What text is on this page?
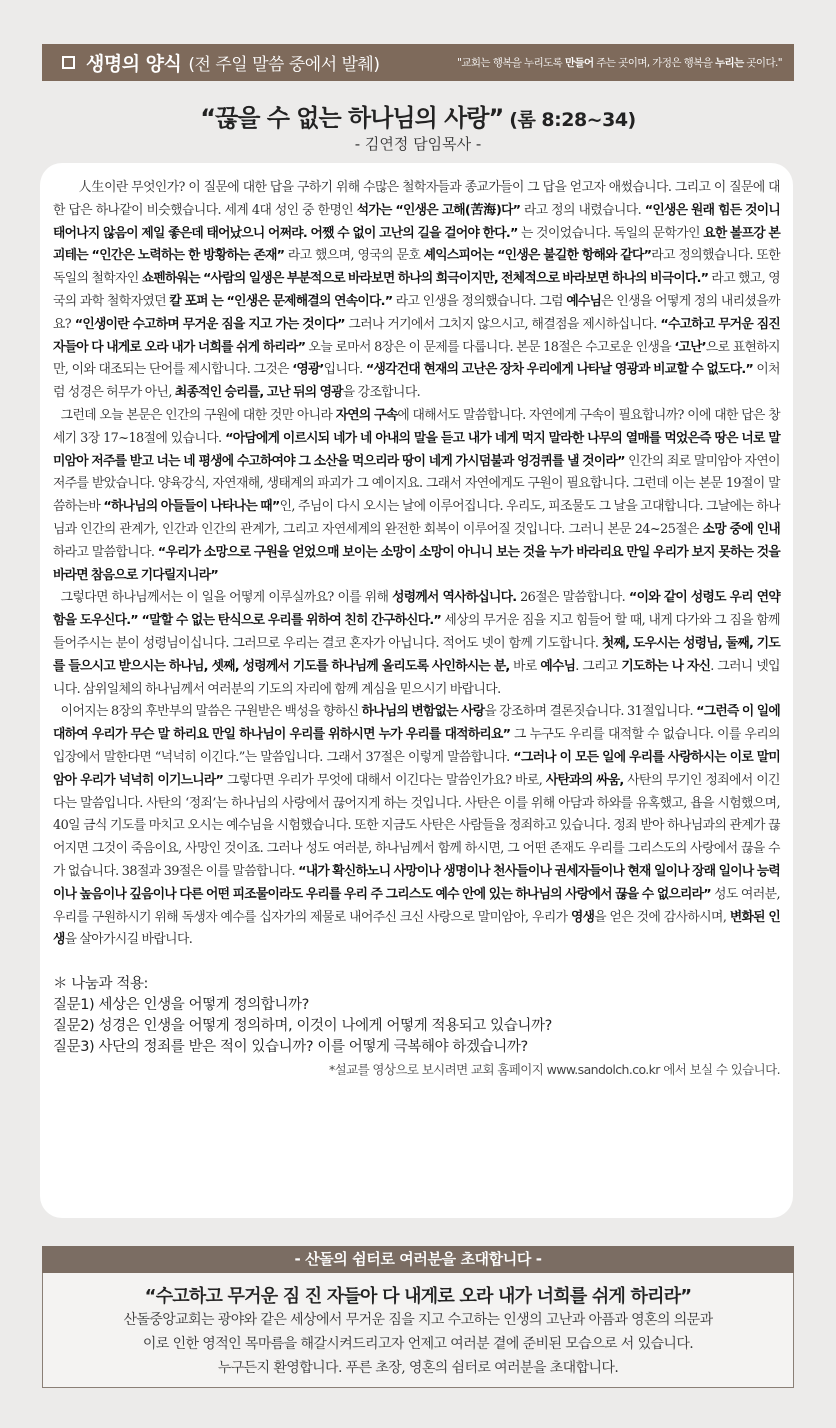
생명의 양식 (전 주일 말씀 중에서 발췌)	"교회는 행복을 누리도록 만들어 주는 곳이며, 가정은 행복을 누리는 곳이다."
“끊을 수 없는 하나님의 사랑” (롬 8:28~34)
- 김연정 담임목사 -

人生이란 무엇인가? 이 질문에 대한 답을 구하기 위해 수많은 철학자들과 종교가들이 그 답을 얻고자 애썼습니다. 그리고 이 질문에 대한 답은 하나같이 비슷했습니다. 세계 4대 성인 중 한명인 석가는 “인생은 고해(苦海)다” 라고 정의 내렸습니다. “인생은 원래 힘든 것이니 태어나지 않음이 제일 좋은데 태어났으니 어쩌랴. 어쨌 수 없이 고난의 길을 걸어야 한다.” 는 것이었습니다. 독일의 문학가인 요한 볼프강 본 괴테는 “인간은 노력하는 한 방황하는 존재” 라고 했으며, 영국의 문호 셰익스피어는 “인생은 불길한 항해와 같다”라고 정의했습니다. 또한 독일의 철학자인 쇼펜하워는 “사람의 일생은 부분적으로 바라보면 하나의 희극이지만, 전체적으로 바라보면 하나의 비극이다.” 라고 했고, 영국의 과학 철학자였던 칼 포퍼 는 “인생은 문제해결의 연속이다.” 라고 인생을 정의했습니다. 그럼 예수님은 인생을 어떻게 정의 내리셨을까요? “인생이란 수고하며 무거운 짐을 지고 가는 것이다” 그러나 거기에서 그치지 않으시고, 해결점을 제시하십니다. “수고하고 무거운 짐진 자들아 다 내게로 오라 내가 너희를 쉬게 하리라” 오늘 로마서 8장은 이 문제를 다룹니다. 본문 18절은 수고로운 인생을 ‘고난’으로 표현하지만, 이와 대조되는 단어를 제시합니다. 그것은 ‘영광’입니다. “생각건대 현재의 고난은 장차 우리에게 나타날 영광과 비교할 수 없도다.” 이처럼 성경은 허무가 아닌, 최종적인 승리를, 고난 뒤의 영광을 강조합니다.

그런데 오늘 본문은 인간의 구원에 대한 것만 아니라 자연의 구속에 대해서도 말씀합니다. 자연에게 구속이 필요합니까? 이에 대한 답은 창세기 3장 17~18절에 있습니다. “아담에게 이르시되 네가 네 아내의 말을 듣고 내가 네게 먹지 말라한 나무의 열매를 먹었은즉 땅은 너로 말미암아 저주를 받고 너는 네 평생에 수고하여야 그 소산을 먹으리라 땅이 네게 가시덤불과 엉겅퀴를 낼 것이라” 인간의 죄로 말미암아 자연이 저주를 받았습니다. 양육강식, 자연재해, 생태계의 파괴가 그 예이지요. 그래서 자연에게도 구원이 필요합니다. 그런데 이는 본문 19절이 말씀하는바 “하나님의 아들들이 나타나는 때”인, 주님이 다시 오시는 날에 이루어집니다. 우리도, 피조물도 그 날을 고대합니다. 그날에는 하나님과 인간의 관계가, 인간과 인간의 관계가, 그리고 자연세계의 완전한 회복이 이루어질 것입니다. 그러니 본문 24~25절은 소망 중에 인내하라고 말씀합니다. “우리가 소망으로 구원을 얻었으매 보이는 소망이 소망이 아니니 보는 것을 누가 바라리요 만일 우리가 보지 못하는 것을 바라면 참음으로 기다릴지니라”

그렇다면 하나님께서는 이 일을 어떻게 이루실까요? 이를 위해 성령께서 역사하십니다. 26절은 말씀합니다. “이와 같이 성령도 우리 연약함을 도우신다.” “말할 수 없는 탄식으로 우리를 위하여 친히 간구하신다.” 세상의 무거운 짐을 지고 힘들어 할 때, 내게 다가와 그 짐을 함께 들어주시는 분이 성령님이십니다. 그러므로 우리는 결코 혼자가 아닙니다. 적어도 넷이 함께 기도합니다. 첫째, 도우시는 성령님, 둘째, 기도를 들으시고 받으시는 하나님, 셋째, 성령께서 기도를 하나님께 올리도록 사인하시는 분, 바로 예수님. 그리고 기도하는 나 자신. 그러니 넷입니다. 삼위일체의 하나님께서 여러분의 기도의 자리에 함께 계심을 믿으시기 바랍니다.

이어지는 8장의 후반부의 말씀은 구원받은 백성을 향하신 하나님의 변함없는 사랑을 강조하며 결론짓습니다. 31절입니다. “그런즉 이 일에 대하여 우리가 무슨 말 하리요 만일 하나님이 우리를 위하시면 누가 우리를 대적하리요” 그 누구도 우리를 대적할 수 없습니다. 이를 우리의 입장에서 말한다면 “넉넉히 이긴다.”는 말씀입니다. 그래서 37절은 이렇게 말씀합니다. “그러나 이 모든 일에 우리를 사랑하시는 이로 말미암아 우리가 넉넉히 이기느니라” 그렇다면 우리가 무엇에 대해서 이긴다는 말씀인가요? 바로, 사탄과의 싸움, 사탄의 무기인 정죄에서 이긴다는 말씀입니다. 사탄의 ‘정죄’는 하나님의 사랑에서 끊어지게 하는 것입니다. 사탄은 이를 위해 아담과 하와를 유혹했고, 욥을 시험했으며, 40일 금식 기도를 마치고 오시는 예수님을 시험했습니다. 또한 지금도 사탄은 사람들을 정죄하고 있습니다. 정죄 받아 하나님과의 관계가 끊어지면 그것이 죽음이요, 사망인 것이죠. 그러나 성도 여러분, 하나님께서 함께 하시면, 그 어떤 존재도 우리를 그리스도의 사랑에서 끊을 수가 없습니다. 38절과 39절은 이를 말씀합니다. “내가 확신하노니 사망이나 생명이나 천사들이나 권세자들이나 현재 일이나 장래 일이나 능력이나 높음이나 깊음이나 다른 어떤 피조물이라도 우리를 우리 주 그리스도 예수 안에 있는 하나님의 사랑에서 끊을 수 없으리라” 성도 여러분, 우리를 구원하시기 위해 독생자 예수를 십자가의 제물로 내어주신 크신 사랑으로 말미암아, 우리가 영생을 얻은 것에 감사하시며, 변화된 인생을 살아가시길 바랍니다.

＊ 나눔과 적용:
질문1) 세상은 인생을 어떻게 정의합니까?
질문2) 성경은 인생을 어떻게 정의하며, 이것이 나에게 어떻게 적용되고 있습니까?
질문3) 사단의 정죄를 받은 적이 있습니까? 이를 어떻게 극복해야 하겠습니까?
*설교를 영상으로 보시려면 교회 홈페이지 www.sandolch.co.kr 에서 보실 수 있습니다.
- 산돌의 쉼터로 여러분을 초대합니다 -
“수고하고 무거운 짐 진 자들아 다 내게로 오라 내가 너희를 쉬게 하리라”
산돌중앙교회는 광야와 같은 세상에서 무거운 짐을 지고 수고하는 인생의 고난과 아픔과 영혼의 의문과
이로 인한 영적인 목마름을 해갈시켜드리고자 언제고 여러분 곁에 준비된 모습으로 서 있습니다.
누구든지 환영합니다. 푸른 초장, 영혼의 쉼터로 여러분을 초대합니다.
